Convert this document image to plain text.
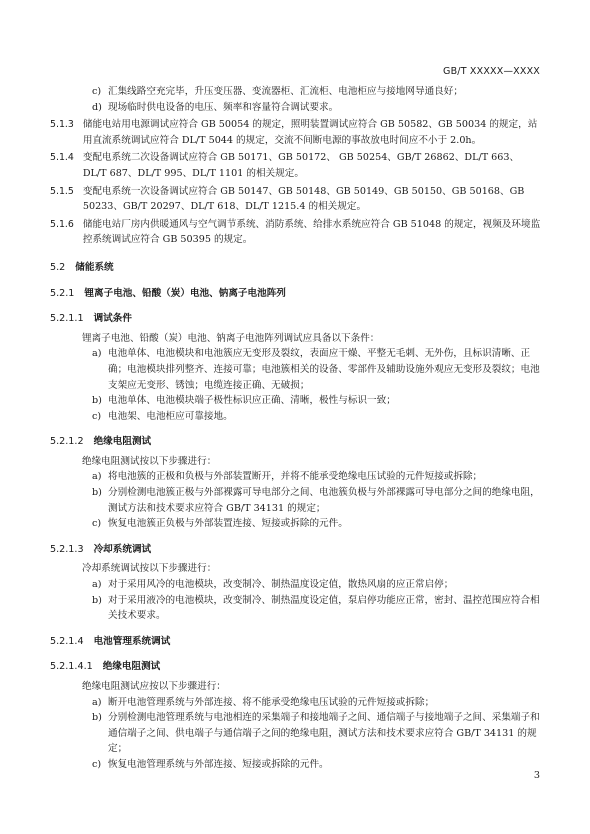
GB/T XXXXX—XXXX
c) 汇集线路空充完毕，升压变压器、变流器柜、汇流柜、电池柜应与接地网导通良好；
d) 现场临时供电设备的电压、频率和容量符合调试要求。
5.1.3 储能电站用电源调试应符合 GB 50054 的规定，照明装置调试应符合 GB 50582、GB 50034 的规定，站用直流系统调试应符合 DL/T 5044 的规定，交流不间断电源的事故放电时间应不小于 2.0h。
5.1.4 变配电系统二次设备调试应符合 GB 50171、GB 50172、 GB 50254、GB/T 26862、DL/T 663、DL/T 687、DL/T 995、DL/T 1101 的相关规定。
5.1.5 变配电系统一次设备调试应符合 GB 50147、GB 50148、GB 50149、GB 50150、GB 50168、GB 50233、GB/T 20297、DL/T 618、DL/T 1215.4 的相关规定。
5.1.6 储能电站厂房内供暖通风与空气调节系统、消防系统、给排水系统应符合 GB 51048 的规定，视频及环境监控系统调试应符合 GB 50395 的规定。
5.2 储能系统
5.2.1 锂离子电池、铅酸（炭）电池、钠离子电池阵列
5.2.1.1 调试条件
锂离子电池、铅酸（炭）电池、钠离子电池阵列调试应具备以下条件：
a) 电池单体、电池模块和电池簇应无变形及裂纹，表面应干燥、平整无毛刺、无外伤，且标识清晰、正确；电池模块排列整齐、连接可靠；电池簇相关的设备、零部件及辅助设施外观应无变形及裂纹；电池支架应无变形、锈蚀；电缆连接正确、无破损；
b) 电池单体、电池模块端子极性标识应正确、清晰，极性与标识一致；
c) 电池架、电池柜应可靠接地。
5.2.1.2 绝缘电阻测试
绝缘电阻测试按以下步骤进行：
a) 将电池簇的正极和负极与外部装置断开，并将不能承受绝缘电压试验的元件短接或拆除；
b) 分别检测电池簇正极与外部裸露可导电部分之间、电池簇负极与外部裸露可导电部分之间的绝缘电阻，测试方法和技术要求应符合 GB/T 34131 的规定；
c) 恢复电池簇正负极与外部装置连接、短接或拆除的元件。
5.2.1.3 冷却系统调试
冷却系统调试按以下步骤进行：
a) 对于采用风冷的电池模块，改变制冷、制热温度设定值，散热风扇的应正常启停；
b) 对于采用液冷的电池模块，改变制冷、制热温度设定值，泵启停功能应正常，密封、温控范围应符合相关技术要求。
5.2.1.4 电池管理系统调试
5.2.1.4.1 绝缘电阻测试
绝缘电阻测试应按以下步骤进行：
a) 断开电池管理系统与外部连接、将不能承受绝缘电压试验的元件短接或拆除；
b) 分别检测电池管理系统与电池相连的采集端子和接地端子之间、通信端子与接地端子之间、采集端子和通信端子之间、供电端子与通信端子之间的绝缘电阻，测试方法和技术要求应符合 GB/T 34131 的规定；
c) 恢复电池管理系统与外部连接、短接或拆除的元件。
3
